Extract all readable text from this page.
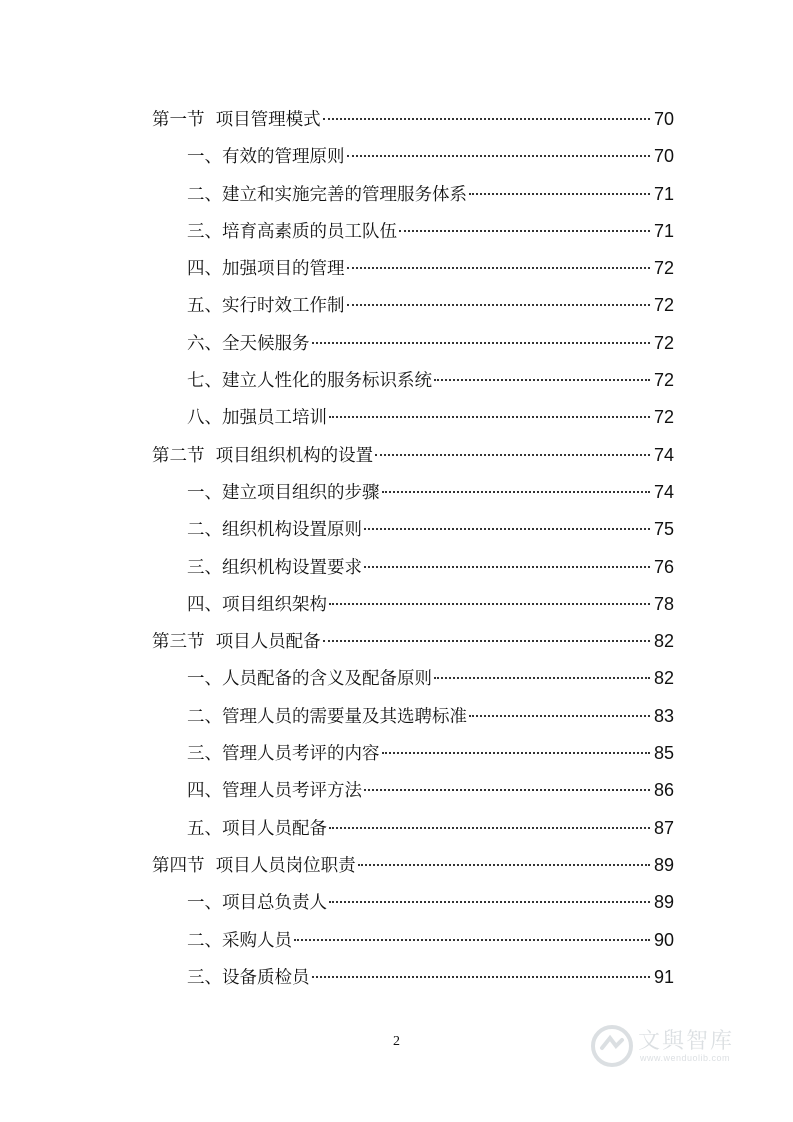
第一节  项目管理模式	70
一、有效的管理原则	70
二、建立和实施完善的管理服务体系	71
三、培育高素质的员工队伍	71
四、加强项目的管理	72
五、实行时效工作制	72
六、全天候服务	72
七、建立人性化的服务标识系统	72
八、加强员工培训	72
第二节  项目组织机构的设置	74
一、建立项目组织的步骤	74
二、组织机构设置原则	75
三、组织机构设置要求	76
四、项目组织架构	78
第三节  项目人员配备	82
一、人员配备的含义及配备原则	82
二、管理人员的需要量及其选聘标准	83
三、管理人员考评的内容	85
四、管理人员考评方法	86
五、项目人员配备	87
第四节  项目人员岗位职责	89
一、项目总负责人	89
二、采购人员	90
三、设备质检员	91
2	文與智库
www.wenduolib.com
